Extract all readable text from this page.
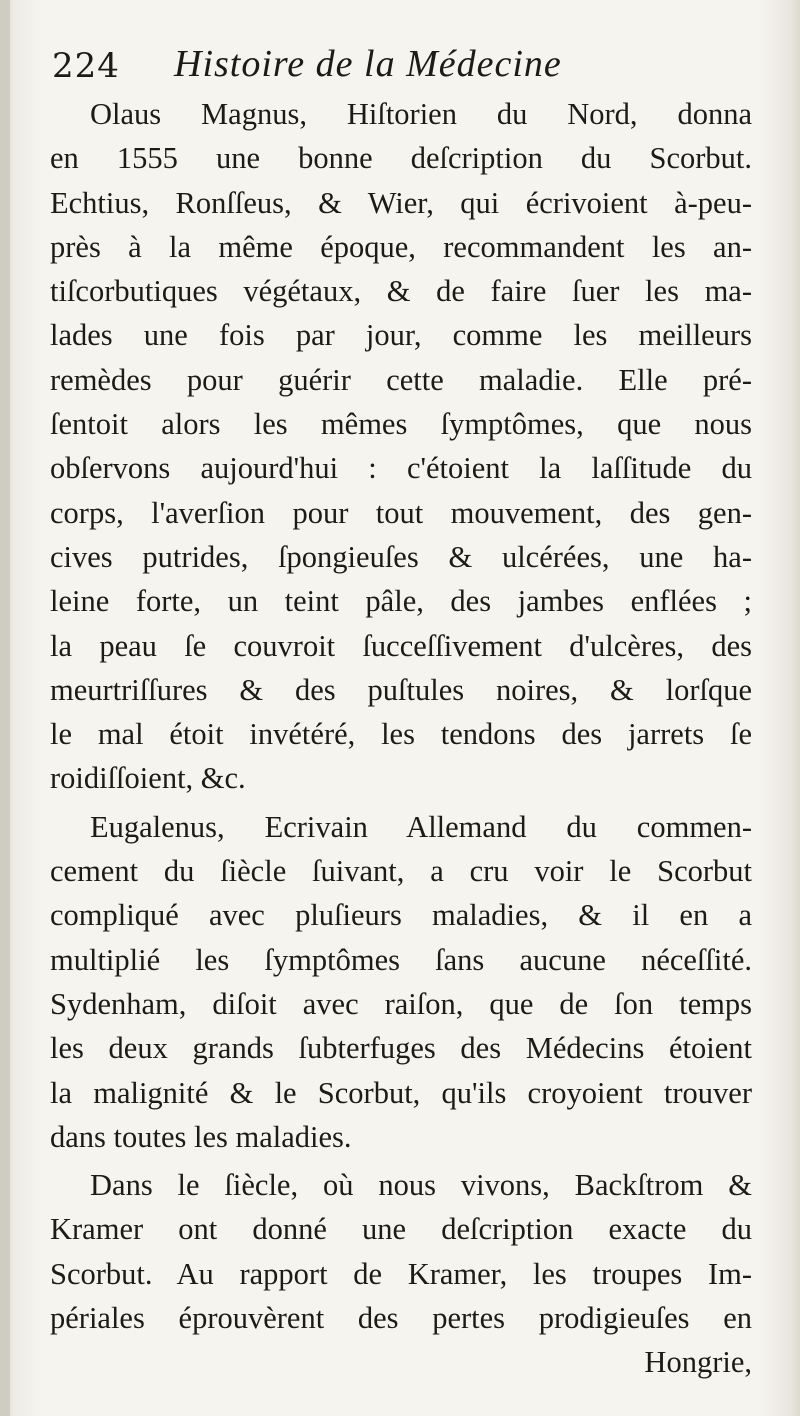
224 Histoire de la Médecine
Olaus Magnus, Hiſtorien du Nord, donna
en 1555 une bonne deſcription du Scorbut.
Echtius, Ronſſeus, & Wier, qui écrivoient à-peu-
près à la même époque, recommandent les an-
tiſcorbutiques végétaux, & de faire ſuer les ma-
lades une fois par jour, comme les meilleurs
remèdes pour guérir cette maladie. Elle pré-
ſentoit alors les mêmes ſymptômes, que nous
obſervons aujourd'hui : c'étoient la laſſitude du
corps, l'averſion pour tout mouvement, des gen-
cives putrides, ſpongieuſes & ulcérées, une ha-
leine forte, un teint pâle, des jambes enflées ;
la peau ſe couvroit ſucceſſivement d'ulcères, des
meurtriſſures & des puſtules noires, & lorſque
le mal étoit invétéré, les tendons des jarrets ſe
roidiſſoient, &c.
Eugalenus, Ecrivain Allemand du commen-
cement du ſiècle ſuivant, a cru voir le Scorbut
compliqué avec pluſieurs maladies, & il en a
multiplié les ſymptômes ſans aucune néceſſité.
Sydenham, diſoit avec raiſon, que de ſon temps
les deux grands ſubterfuges des Médecins étoient
la malignité & le Scorbut, qu'ils croyoient trouver
dans toutes les maladies.
Dans le ſiècle, où nous vivons, Backſtrom &
Kramer ont donné une deſcription exacte du
Scorbut. Au rapport de Kramer, les troupes Im-
périales éprouvèrent des pertes prodigieuſes en
Hongrie,
